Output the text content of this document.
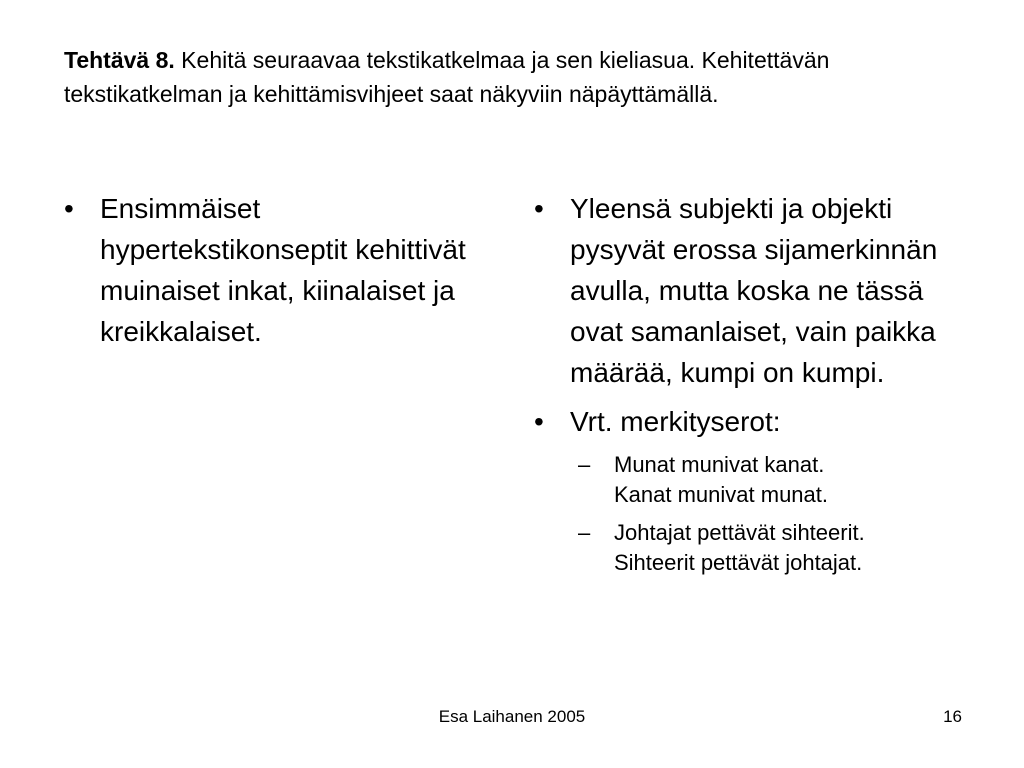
Tehtävä 8. Kehitä seuraavaa tekstikatkelmaa ja sen kieliasua. Kehitettävän tekstikatkelman ja kehittämisvihjeet saat näkyviin näpäyttämällä.
• Ensimmäiset hypertekstikonseptit kehittivät muinaiset inkat, kiinalaiset ja kreikkalaiset.
• Yleensä subjekti ja objekti pysyvät erossa sijamerkinnän avulla, mutta koska ne tässä ovat samanlaiset, vain paikka määrää, kumpi on kumpi.
• Vrt. merkityserot:
– Munat munivat kanat.
Kanat munivat munat.
– Johtajat pettävät sihteerit.
Sihteerit pettävät johtajat.
Esa Laihanen 2005	16
